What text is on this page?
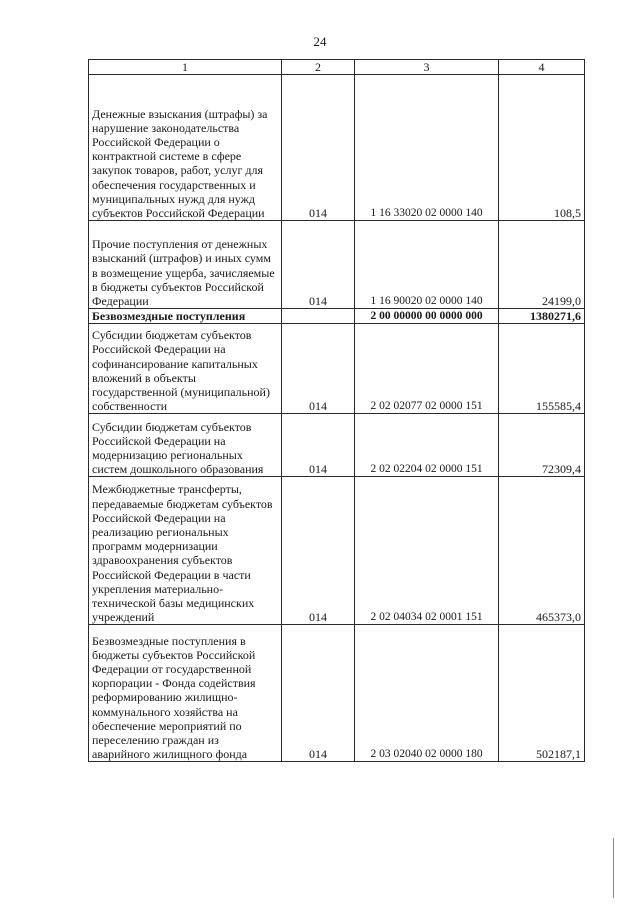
24
1	2	3	4
Денежные взыскания (штрафы) за нарушение законодательства Российской Федерации о контрактной системе в сфере закупок товаров, работ, услуг для обеспечения государственных и муниципальных нужд для нужд субъектов Российской Федерации	014	1 16 33020 02 0000 140	108,5
Прочие поступления от денежных взысканий (штрафов) и иных сумм в возмещение ущерба, зачисляемые в бюджеты субъектов Российской Федерации	014	1 16 90020 02 0000 140	24199,0
Безвозмездные поступления		2 00 00000 00 0000 000	1380271,6
Субсидии бюджетам субъектов Российской Федерации на софинансирование капитальных вложений в объекты государственной (муниципальной) собственности	014	2 02 02077 02 0000 151	155585,4
Субсидии бюджетам субъектов Российской Федерации на модернизацию региональных систем дошкольного образования	014	2 02 02204 02 0000 151	72309,4
Межбюджетные трансферты, передаваемые бюджетам субъектов Российской Федерации на реализацию региональных программ модернизации здравоохранения субъектов Российской Федерации в части укрепления материально-технической базы медицинских учреждений	014	2 02 04034 02 0001 151	465373,0
Безвозмездные поступления в бюджеты субъектов Российской Федерации от государственной корпорации - Фонда содействия реформированию жилищно-коммунального хозяйства на обеспечение мероприятий по переселению граждан из аварийного жилищного фонда	014	2 03 02040 02 0000 180	502187,1
